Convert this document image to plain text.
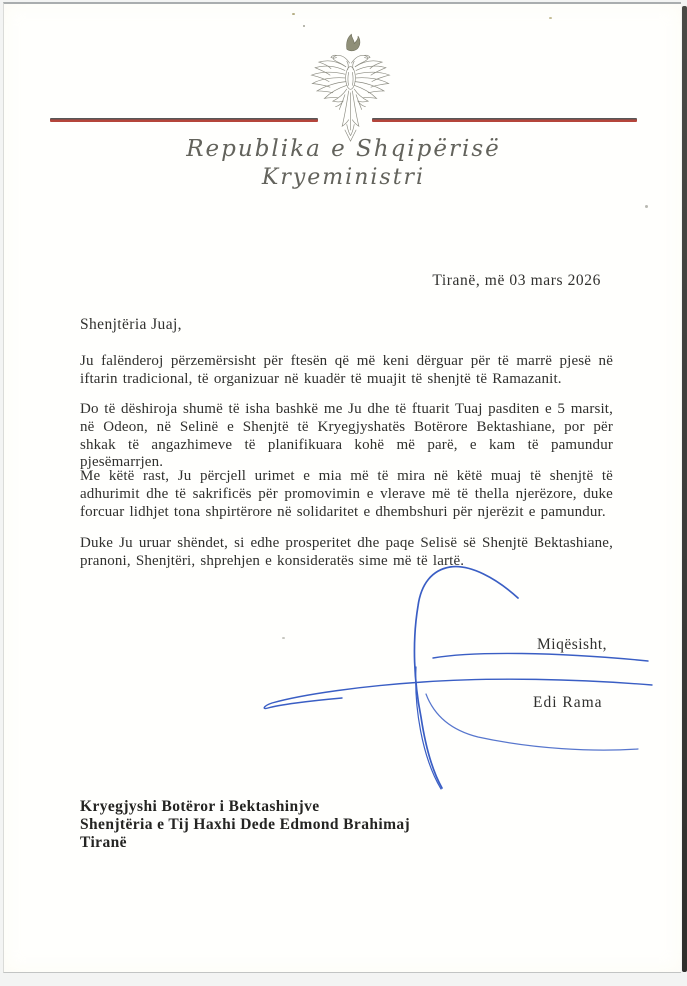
Republika e Shqipërisë
Kryeministri
Tiranë, më 03 mars 2026
Shenjtëria Juaj,

Ju falënderoj përzemërsisht për ftesën që më keni dërguar për të marrë pjesë në iftarin tradicional, të organizuar në kuadër të muajit të shenjtë të Ramazanit.

Do të dëshiroja shumë të isha bashkë me Ju dhe të ftuarit Tuaj pasditen e 5 marsit, në Odeon, në Selinë e Shenjtë të Kryegjyshatës Botërore Bektashiane, por për shkak të angazhimeve të planifikuara kohë më parë, e kam të pamundur pjesëmarrjen.

Me këtë rast, Ju përcjell urimet e mia më të mira në këtë muaj të shenjtë të adhurimit dhe të sakrificës për promovimin e vlerave më të thella njerëzore, duke forcuar lidhjet tona shpirtërore në solidaritet e dhembshuri për njerëzit e pamundur.

Duke Ju uruar shëndet, si edhe prosperitet dhe paqe Selisë së Shenjtë Bektashiane, pranoni, Shenjtëri, shprehjen e konsideratës sime më të lartë.

Miqësisht,
Edi Rama
Kryegjyshi Botëror i Bektashinjve
Shenjtëria e Tij Haxhi Dede Edmond Brahimaj
Tiranë
